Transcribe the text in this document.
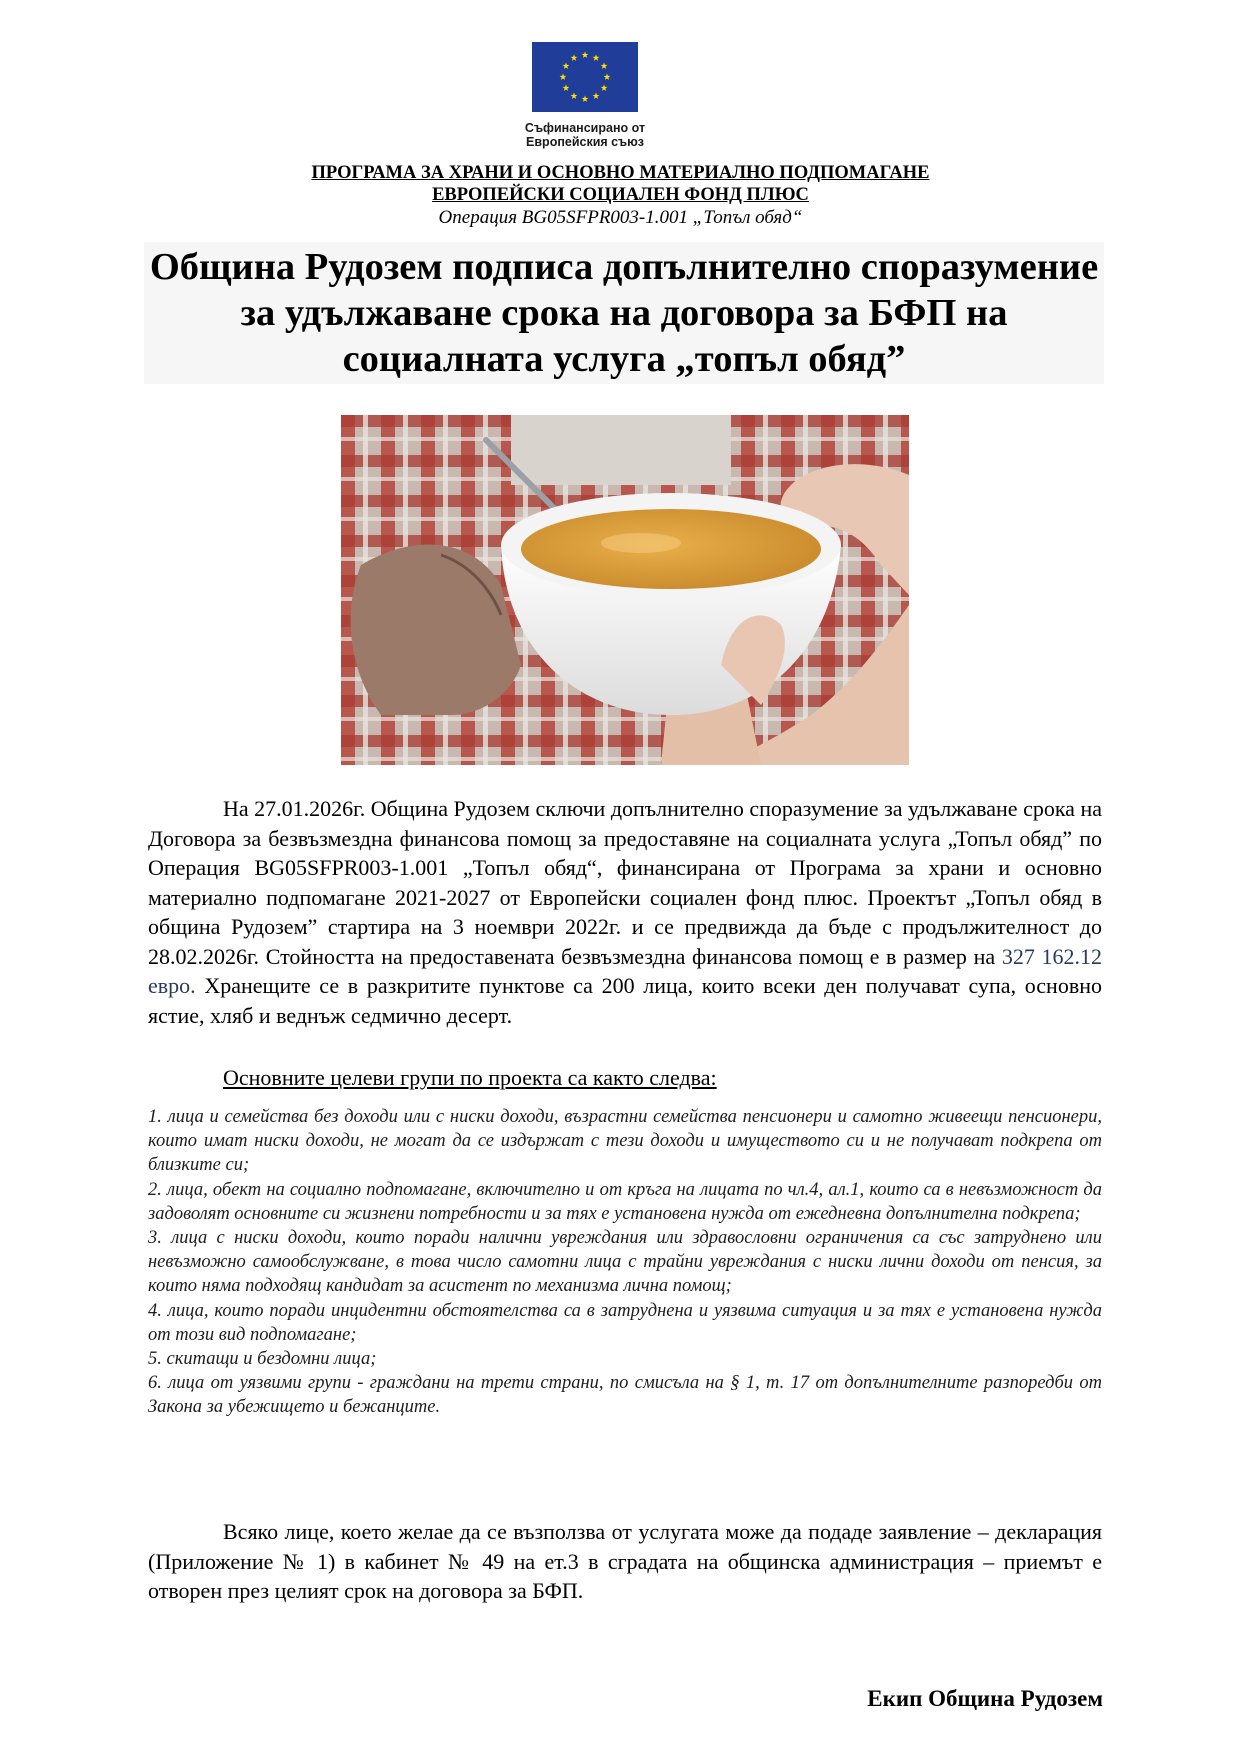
Съфинансирано от
Европейския съюз
ПРОГРАМА ЗА ХРАНИ И ОСНОВНО МАТЕРИАЛНО ПОДПОМАГАНЕ
ЕВРОПЕЙСКИ СОЦИАЛЕН ФОНД ПЛЮС
Операция BG05SFPR003-1.001 „Топъл обяд“
Община Рудозем подписа допълнително споразумение за удължаване срока на договора за БФП на социалната услуга „топъл обяд”
На 27.01.2026г. Община Рудозем сключи допълнително споразумение за удължаване срока на Договора за безвъзмездна финансова помощ за предоставяне на социалната услуга „Топъл обяд” по Операция BG05SFPR003-1.001 „Топъл обяд“, финансирана от Програма за храни и основно материално подпомагане 2021-2027 от Европейски социален фонд плюс. Проектът „Топъл обяд в община Рудозем” стартира на 3 ноември 2022г. и се предвижда да бъде с продължителност до 28.02.2026г. Стойността на предоставената безвъзмездна финансова помощ е в размер на 327 162.12 евро. Хранещите се в разкритите пунктове са 200 лица, които всеки ден получават супа, основно ястие, хляб и веднъж седмично десерт.
Основните целеви групи по проекта са както следва:
1. лица и семейства без доходи или с ниски доходи, възрастни семейства пенсионери и самотно живеещи пенсионери, които имат ниски доходи, не могат да се издържат с тези доходи и имуществото си и не получават подкрепа от близките си;
2. лица, обект на социално подпомагане, включително и от кръга на лицата по чл.4, ал.1, които са в невъзможност да задоволят основните си жизнени потребности и за тях е установена нужда от ежедневна допълнителна подкрепа;
3. лица с ниски доходи, които поради налични увреждания или здравословни ограничения са със затруднено или невъзможно самообслужване, в това число самотни лица с трайни увреждания с ниски лични доходи от пенсия, за които няма подходящ кандидат за асистент по механизма лична помощ;
4. лица, които поради инцидентни обстоятелства са в затруднена и уязвима ситуация и за тях е установена нужда от този вид подпомагане;
5. скитащи и бездомни лица;
6. лица от уязвими групи - граждани на трети страни, по смисъла на § 1, т. 17 от допълнителните разпоредби от Закона за убежището и бежанците.
Всяко лице, което желае да се възползва от услугата може да подаде заявление – декларация (Приложение № 1) в кабинет № 49 на ет.3 в сградата на общинска администрация – приемът е отворен през целият срок на договора за БФП.
Екип Община Рудозем
